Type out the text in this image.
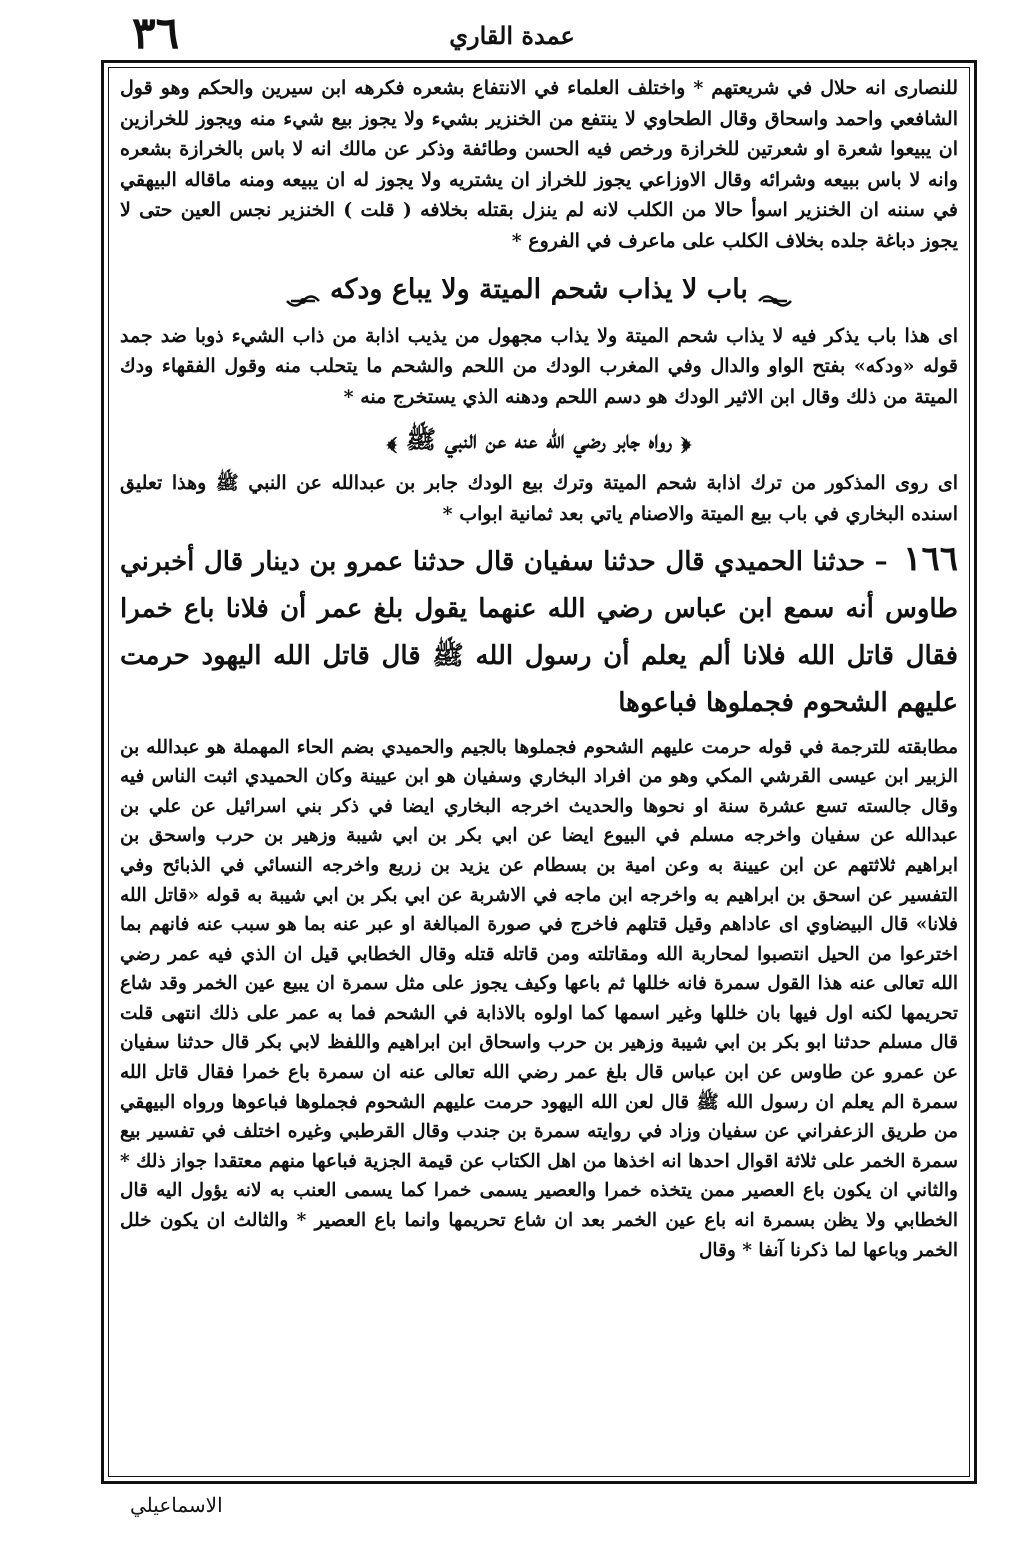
٣٦	عمدة القاري

للنصارى انه حلال في شريعتهم * واختلف العلماء في الانتفاع بشعره فكرهه ابن سيرين والحكم وهو قول الشافعي واحمد واسحاق وقال الطحاوي لا ينتفع من الخنزير بشيء ولا يجوز بيع شيء منه ويجوز للخرازين ان يبيعوا شعرة او شعرتين للخرازة ورخص فيه الحسن وطائفة وذكر عن مالك انه لا باس بالخرازة بشعره وانه لا باس ببيعه وشرائه وقال الاوزاعي يجوز للخراز ان يشتريه ولا يجوز له ان يبيعه ومنه ماقاله البيهقي في سننه ان الخنزير اسوأ حالا من الكلب لانه لم ينزل بقتله بخلافه ( قلت ) الخنزير نجس العين حتى لا يجوز دباغة جلده بخلاف الكلب على ماعرف في الفروع *

باب لا يذاب شحم الميتة ولا يباع ودكه

اى هذا باب يذكر فيه لا يذاب شحم الميتة ولا يذاب مجهول من يذيب اذابة من ذاب الشيء ذوبا ضد جمد قوله «ودكه» بفتح الواو والدال وفي المغرب الودك من اللحم والشحم ما يتحلب منه وقول الفقهاء ودك الميتة من ذلك وقال ابن الاثير الودك هو دسم اللحم ودهنه الذي يستخرج منه *

﴿ رواه جابر رضي الله عنه عن النبي ﷺ ﴾

اى روى المذكور من ترك اذابة شحم الميتة وترك بيع الودك جابر بن عبدالله عن النبي ﷺ وهذا تعليق اسنده البخاري في باب بيع الميتة والاصنام ياتي بعد ثمانية ابواب *

١٦٦ – حدثنا الحميدي قال حدثنا سفيان قال حدثنا عمرو بن دينار قال أخبرني طاوس أنه سمع ابن عباس رضي الله عنهما يقول بلغ عمر أن فلانا باع خمرا فقال قاتل الله فلانا ألم يعلم أن رسول الله ﷺ قال قاتل الله اليهود حرمت عليهم الشحوم فجملوها فباعوها

مطابقته للترجمة في قوله حرمت عليهم الشحوم فجملوها بالجيم والحميدي بضم الحاء المهملة هو عبدالله بن الزبير ابن عيسى القرشي المكي وهو من افراد البخاري وسفيان هو ابن عيينة وكان الحميدي اثبت الناس فيه وقال جالسته تسع عشرة سنة او نحوها والحديث اخرجه البخاري ايضا في ذكر بني اسرائيل عن علي بن عبدالله عن سفيان واخرجه مسلم في البيوع ايضا عن ابي بكر بن ابي شيبة وزهير بن حرب واسحق بن ابراهيم ثلاثتهم عن ابن عيينة به وعن امية بن بسطام عن يزيد بن زريع واخرجه النسائي في الذبائح وفي التفسير عن اسحق بن ابراهيم به واخرجه ابن ماجه في الاشربة عن ابي بكر بن ابي شيبة به قوله «قاتل الله فلانا» قال البيضاوي اى عاداهم وقيل قتلهم فاخرج في صورة المبالغة او عبر عنه بما هو سبب عنه فانهم بما اخترعوا من الحيل انتصبوا لمحاربة الله ومقاتلته ومن قاتله قتله وقال الخطابي قيل ان الذي فيه عمر رضي الله تعالى عنه هذا القول سمرة فانه خللها ثم باعها وكيف يجوز على مثل سمرة ان يبيع عين الخمر وقد شاع تحريمها لكنه اول فيها بان خللها وغير اسمها كما اولوه بالاذابة في الشحم فما به عمر على ذلك انتهى قلت قال مسلم حدثنا ابو بكر بن ابي شيبة وزهير بن حرب واسحاق ابن ابراهيم واللفظ لابي بكر قال حدثنا سفيان عن عمرو عن طاوس عن ابن عباس قال بلغ عمر رضي الله تعالى عنه ان سمرة باع خمرا فقال قاتل الله سمرة الم يعلم ان رسول الله ﷺ قال لعن الله اليهود حرمت عليهم الشحوم فجملوها فباعوها ورواه البيهقي من طريق الزعفراني عن سفيان وزاد في روايته سمرة بن جندب وقال القرطبي وغيره اختلف في تفسير بيع سمرة الخمر على ثلاثة اقوال احدها انه اخذها من اهل الكتاب عن قيمة الجزية فباعها منهم معتقدا جواز ذلك * والثاني ان يكون باع العصير ممن يتخذه خمرا والعصير يسمى خمرا كما يسمى العنب به لانه يؤول اليه قال الخطابي ولا يظن بسمرة انه باع عين الخمر بعد ان شاع تحريمها وانما باع العصير * والثالث ان يكون خلل الخمر وباعها لما ذكرنا آنفا * وقال

الاسماعيلي
